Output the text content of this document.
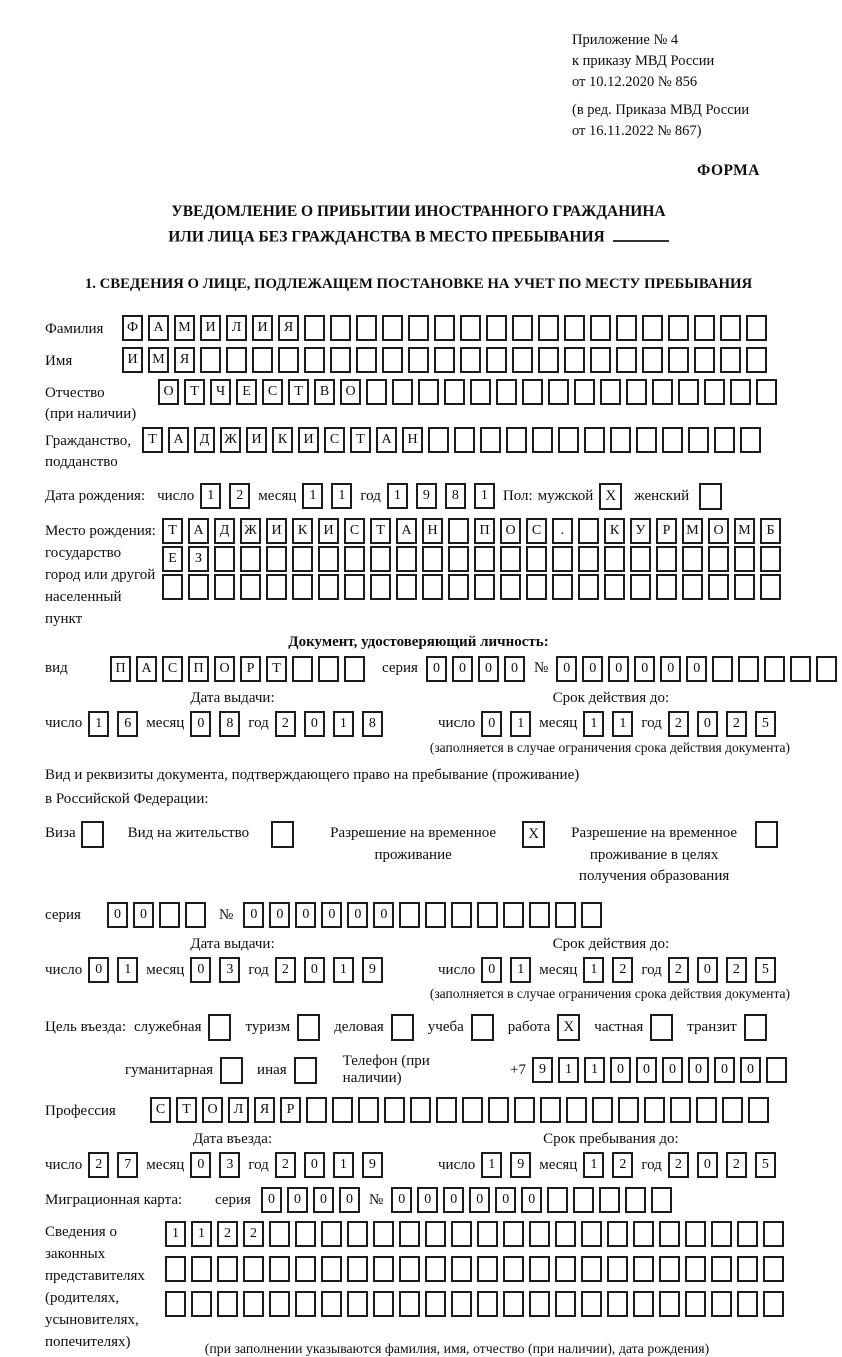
Приложение № 4
к приказу МВД России
от 10.12.2020 № 856
(в ред. Приказа МВД России
от 16.11.2022 № 867)
ФОРМА
УВЕДОМЛЕНИЕ О ПРИБЫТИИ ИНОСТРАННОГО ГРАЖДАНИНА
ИЛИ ЛИЦА БЕЗ ГРАЖДАНСТВА В МЕСТО ПРЕБЫВАНИЯ
1. СВЕДЕНИЯ О ЛИЦЕ, ПОДЛЕЖАЩЕМ ПОСТАНОВКЕ НА УЧЕТ ПО МЕСТУ ПРЕБЫВАНИЯ
Фамилия	Ф	А	М	И	Л	И	Я
Имя	И	М	Я
Отчество
(при наличии)
О	Т	Ч	Е	С	Т	В	О
Гражданство,
подданство
Т	А	Д	Ж	И	К	И	С	Т	А	Н
Дата рождения: число 1	2	месяц 1	1	год 1	9	8	1	Пол: мужской X	женский
Место рождения:
государство
город или другой
населенный пункт
Т	А	Д	Ж	И	К	И	С	Т	А	Н	П	О	С	.	К	У	Р	М	О	М	Б
Е	З
Документ, удостоверяющий личность:
вид	П	А	С	П	О	Р	Т	серия	0	0	0	0	№	0	0	0	0	0	0
Дата выдачи:
число 1	6	месяц 0	8	год 2	0	1	8
Срок действия до:
число 0	1	месяц 1	1	год 2	0	2	5
(заполняется в случае ограничения срока действия документа)
Вид и реквизиты документа, подтверждающего право на пребывание (проживание)
в Российской Федерации:
Виза	Вид на жительство	Разрешение на временное проживание
X	Разрешение на временное проживание в целях получения образования
серия	0	0	№	0	0	0	0	0	0
Дата выдачи:
число 0	1	месяц 0	3	год 2	0	1	9
Срок действия до:
число 0	1	месяц 1	2	год 2	0	2	5
(заполняется в случае ограничения срока действия документа)
Цель въезда: служебная	туризм	деловая	учеба	работа X	частная	транзит
гуманитарная	иная
Телефон (при наличии)
+7 9	1	1	0	0	0	0	0	0
Профессия	С	Т	О	Л	Я	Р
Дата въезда:
число 2	7	месяц 0	3	год 2	0	1	9
Срок пребывания до:
число 1	9	месяц 1	2	год 2	0	2	5
Миграционная карта:	серия	0	0	0	0	№	0	0	0	0	0	0
Сведения о
законных
представителях
(родителях,
усыновителях,
попечителях)
1	1	2	2
(при заполнении указываются фамилия, имя, отчество (при наличии), дата рождения)
